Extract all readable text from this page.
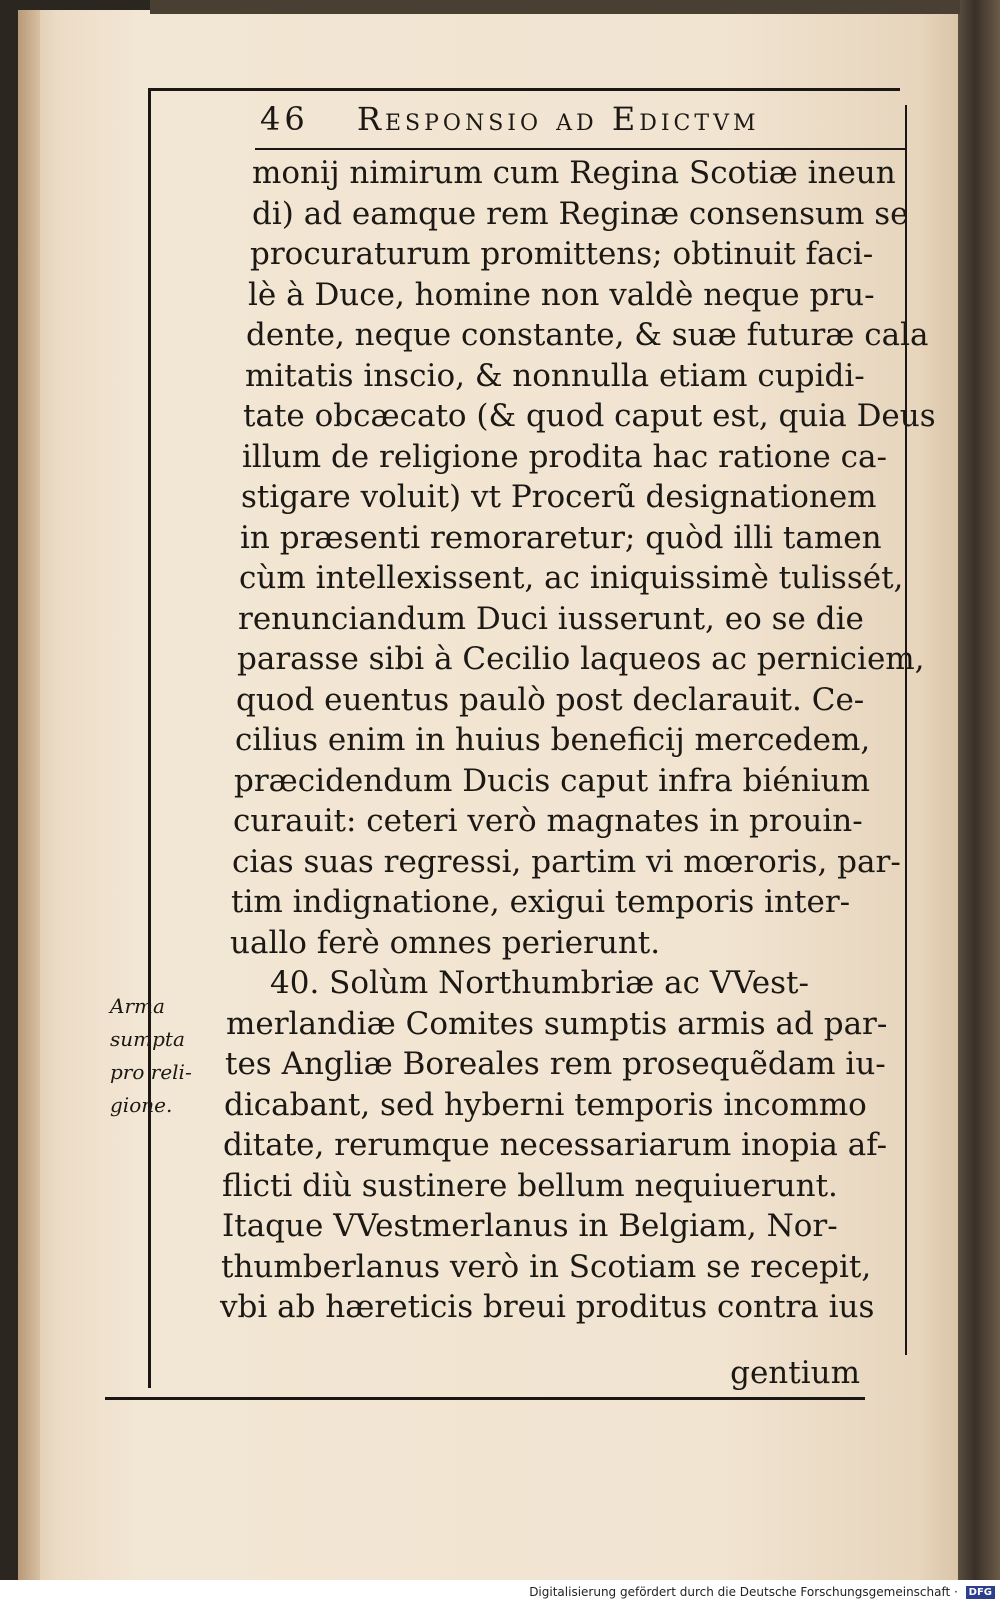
46 Responsio ad Edictvm
monij nimirum cum Regina Scotiæ ineun
di) ad eamque rem Reginæ consensum se
procuraturum promittens; obtinuit faci-
lè à Duce, homine non valdè neque pru-
dente, neque constante, & suæ futuræ cala
mitatis inscio, & nonnulla etiam cupidi-
tate obcæcato (& quod caput est, quia Deus
illum de religione prodita hac ratione ca-
stigare voluit) vt Procerũ designationem
in præsenti remoraretur; quòd illi tamen
cùm intellexissent, ac iniquissimè tulissét,
renunciandum Duci iusserunt, eo se die
parasse sibi à Cecilio laqueos ac perniciem,
quod euentus paulò post declarauit. Ce-
cilius enim in huius beneficij mercedem,
præcidendum Ducis caput infra biénium
curauit: ceteri verò magnates in prouin-
cias suas regressi, partim vi mœroris, par-
tim indignatione, exigui temporis inter-
uallo ferè omnes perierunt.
40. Solùm Northumbriæ ac VVest-
merlandiæ Comites sumptis armis ad par-
tes Angliæ Boreales rem prosequẽdam iu-
dicabant, sed hyberni temporis incommo
ditate, rerumque necessariarum inopia af-
flicti diù sustinere bellum nequiuerunt.
Itaque VVestmerlanus in Belgiam, Nor-
thumberlanus verò in Scotiam se recepit,
vbi ab hæreticis breui proditus contra ius
Arma
sumpta
pro reli-
gione.
gentium
Digitalisierung gefördert durch die Deutsche Forschungsgemeinschaft · DFG
